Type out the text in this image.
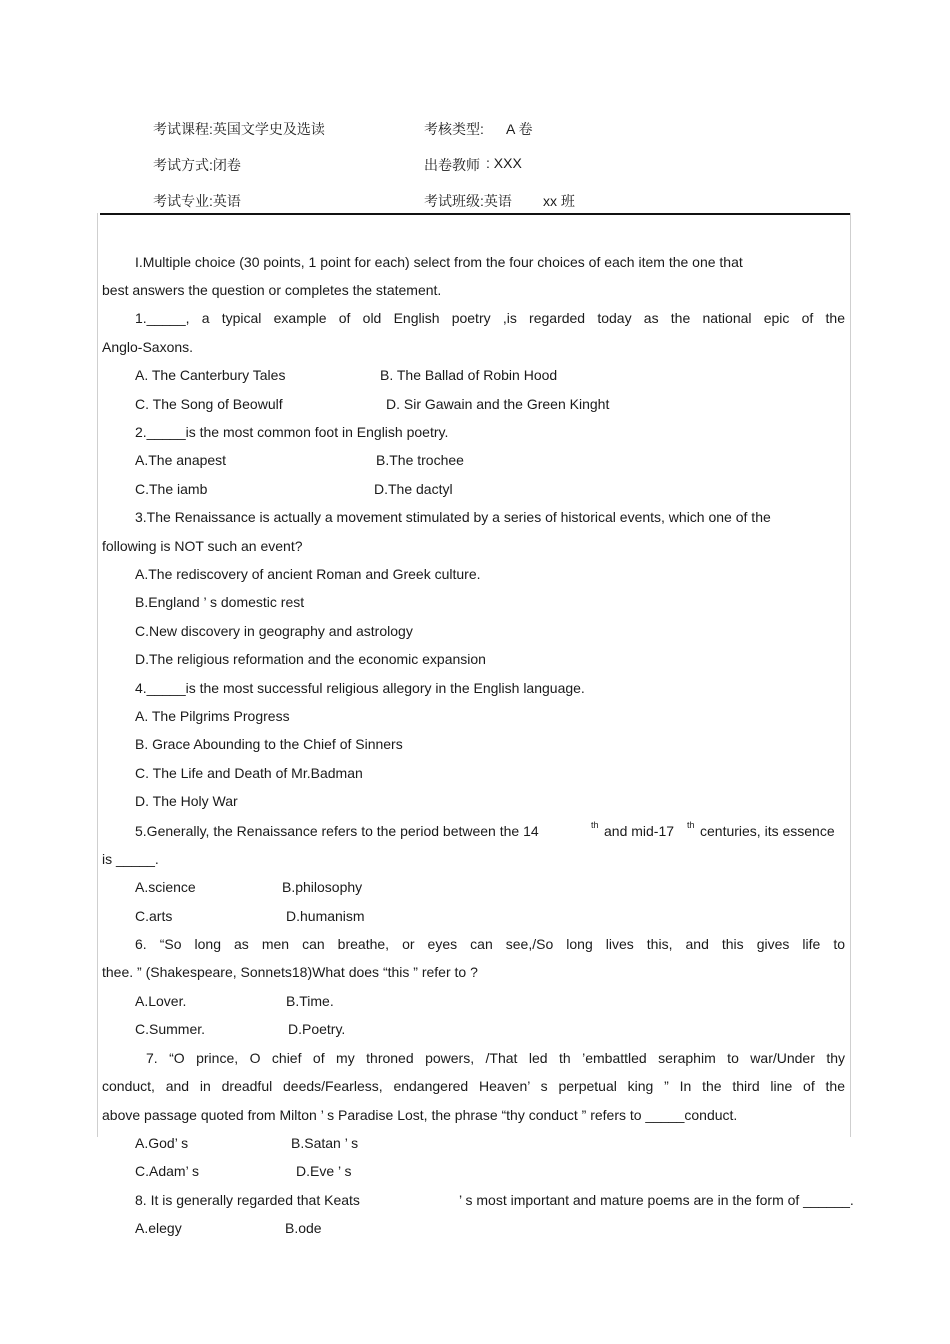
考试课程:英国文学史及选读	考核类型: A 卷
考试方式:闭卷	出卷教师 : XXX
考试专业:英语	考试班级:英语 xx 班
I.Multiple choice (30 points, 1 point for each) select from the four choices of each item the one that
best answers the question or completes the statement.
1._____, a typical example of old English poetry ,is regarded today as the national epic of the
Anglo-Saxons.
A. The Canterbury Tales	B. The Ballad of Robin Hood
C. The Song of Beowulf	D. Sir Gawain and the Green Kinght
2._____is the most common foot in English poetry.
A.The anapest	B.The trochee
C.The iamb	D.The dactyl
3.The Renaissance is actually a movement stimulated by a series of historical events, which one of the
following is NOT such an event?
A.The rediscovery of ancient Roman and Greek culture.
B.England ’ s domestic rest
C.New discovery in geography and astrology
D.The religious reformation and the economic expansion
4._____is the most successful religious allegory in the English language.
A. The Pilgrims Progress
B. Grace Abounding to the Chief of Sinners
C. The Life and Death of Mr.Badman
D. The Holy War
5.Generally, the Renaissance refers to the period between the 14	th and mid-17 th centuries, its essence
is _____.
A.science	B.philosophy
C.arts	D.humanism
6. “So long as men can breathe, or eyes can see,/So long lives this, and this gives life to
thee. ” (Shakespeare, Sonnets18)What does “this ” refer to ?
A.Lover.	B.Time.
C.Summer.	D.Poetry.
7. “O prince, O chief of my throned powers, /That led th ’embattled seraphim to war/Under thy
conduct, and in dreadful deeds/Fearless, endangered Heaven’ s perpetual king ” In the third line of the
above passage quoted from Milton ’ s Paradise Lost, the phrase “thy conduct ” refers to _____conduct.
A.God’ s	B.Satan ’ s
C.Adam’ s	D.Eve ’ s
8. It is generally regarded that Keats	’ s most important and mature poems are in the form of ______.
A.elegy	B.ode
